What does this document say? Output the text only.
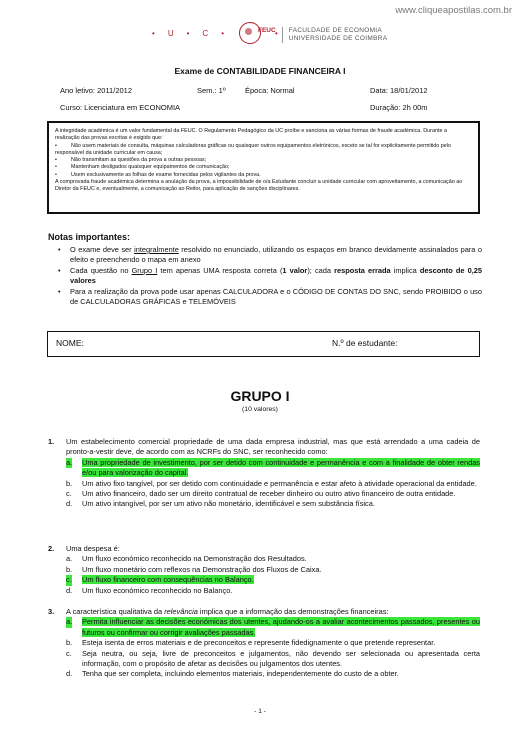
www.cliqueapostilas.com.br
• U • C •	•
FEUC FACULDADE DE ECONOMIA
UNIVERSIDADE DE COIMBRA
Exame de CONTABILIDADE FINANCEIRA I
Ano letivo: 2011/2012	Sem.: 1º	Época: Normal	Data: 18/01/2012
Curso: Licenciatura em ECONOMIA	Duração: 2h 00m

A integridade académica é um valor fundamental da FEUC. O Regulamento Pedagógico da UC proíbe e sanciona as várias formas de fraude académica. Durante a realização das provas escritas é exigido que:

•	Não usem materiais de consulta, máquinas calculadoras gráficas ou quaisquer outros equipamentos eletrónicos, exceto se tal for explicitamente permitido pelo responsável da unidade curricular em causa;

•	Não transmitam as questões da prova a outras pessoas;

•	Mantenham desligados quaisquer equipamentos de comunicação;

•	Usem exclusivamente as folhas de exame fornecidas pelos vigilantes da prova.

A comprovada fraude académica determina a anulação da prova, a impossibilidade de o/a Estudante concluir a unidade curricular com aproveitamento, a comunicação ao Diretor da FEUC e, eventualmente, a comunicação ao Reitor, para aplicação de sanções disciplinares.

Notas importantes:
• O exame deve ser integralmente resolvido no enunciado, utilizando os espaços em branco devidamente assinalados para o efeito e preenchendo o mapa em anexo
• Cada questão no Grupo I tem apenas UMA resposta correta (1 valor); cada resposta errada implica desconto de 0,25 valores
• Para a realização da prova pode usar apenas CALCULADORA e o CÓDIGO DE CONTAS DO SNC, sendo PROIBIDO o uso de CALCULADORAS GRÁFICAS e TELEMÓVEIS
NOME:	N.º de estudante:
GRUPO I
(10 valores)
1. Um estabelecimento comercial propriedade de uma dada empresa industrial, mas que está arrendado a uma cadeia de pronto-a-vestir deve, de acordo com as NCRFs do SNC, ser reconhecido como:
a. Uma propriedade de investimento, por ser detido com continuidade e permanência e com a finalidade de obter rendas e/ou para valorização do capital.
b. Um ativo fixo tangível, por ser detido com continuidade e permanência e estar afeto à atividade operacional da entidade.
c. Um ativo financeiro, dado ser um direito contratual de receber dinheiro ou outro ativo financeiro de outra entidade.
d. Um ativo intangível, por ser um ativo não monetário, identificável e sem substância física.
2. Uma despesa é:
a. Um fluxo económico reconhecido na Demonstração dos Resultados.
b. Um fluxo monetário com reflexos na Demonstração dos Fluxos de Caixa.
c. Um fluxo financeiro com consequências no Balanço.
d. Um fluxo económico reconhecido no Balanço.
3. A característica qualitativa da relevância implica que a informação das demonstrações financeiras:
a. Permita influenciar as decisões económicas dos utentes, ajudando-os a avaliar acontecimentos passados, presentes ou futuros ou confirmar ou corrigir avaliações passadas.
b. Esteja isenta de erros materiais e de preconceitos e represente fidedignamente o que pretende representar.
c. Seja neutra, ou seja, livre de preconceitos e julgamentos, não devendo ser selecionada ou apresentada certa informação, com o propósito de afetar as decisões ou julgamentos dos utentes.
d. Tenha que ser completa, incluindo elementos materiais, independentemente do custo de a obter.
- 1 -
